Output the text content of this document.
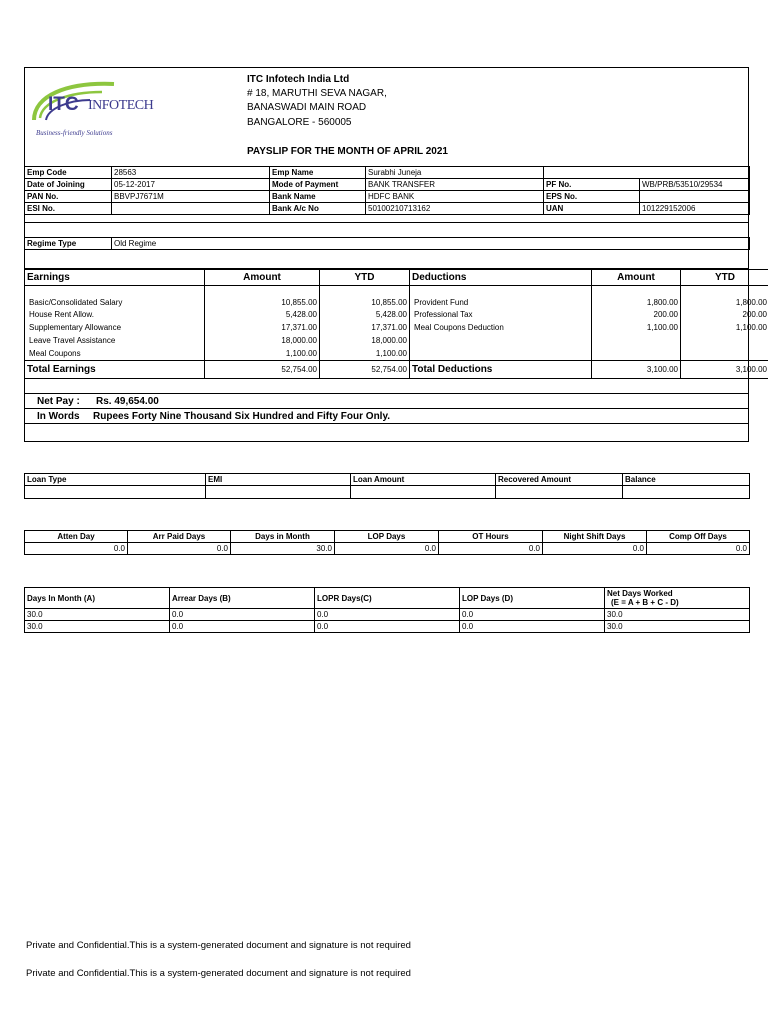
ITC INFOTECH
Business-friendly Solutions
ITC Infotech India Ltd
# 18, MARUTHI SEVA NAGAR,
BANASWADI MAIN ROAD
BANGALORE - 560005
PAYSLIP FOR THE MONTH OF APRIL 2021
Emp Code	28563	Emp Name	Surabhi Juneja		
Date of Joining	05-12-2017	Mode of Payment	BANK TRANSFER	PF No.	WB/PRB/53510/29534
PAN No.	BBVPJ7671M	Bank Name	HDFC BANK	EPS No.	
ESI No.		Bank A/c No	50100210713162	UAN	101229152006
Regime Type	Old Regime
Earnings	Amount	YTD	Deductions	Amount	YTD

Basic/Consolidated Salary	10,855.00	10,855.00	Provident Fund	1,800.00	1,800.00
House Rent Allow.	5,428.00	5,428.00	Professional Tax	200.00	200.00
Supplementary Allowance	17,371.00	17,371.00	Meal Coupons Deduction	1,100.00	1,100.00
Leave Travel Assistance	18,000.00	18,000.00			
Meal Coupons	1,100.00	1,100.00			
Total Earnings	52,754.00	52,754.00	Total Deductions	3,100.00	3,100.00
Net Pay : Rs. 49,654.00
In Words Rupees Forty Nine Thousand Six Hundred and Fifty Four Only.
Loan Type	EMI	Loan Amount	Recovered Amount	Balance

Atten Day	Arr Paid Days	Days in Month	LOP Days	OT Hours	Night Shift Days	Comp Off Days
0.0	0.0	30.0	0.0	0.0	0.0	0.0
Days In Month (A)	Arrear Days (B)	LOPR Days(C)	LOP Days (D)	Net Days Worked
(E = A + B + C - D)

30.0	0.0	0.0	0.0	30.0
30.0	0.0	0.0	0.0	30.0
Private and Confidential.This is a system-generated document and signature is not required
Private and Confidential.This is a system-generated document and signature is not required
